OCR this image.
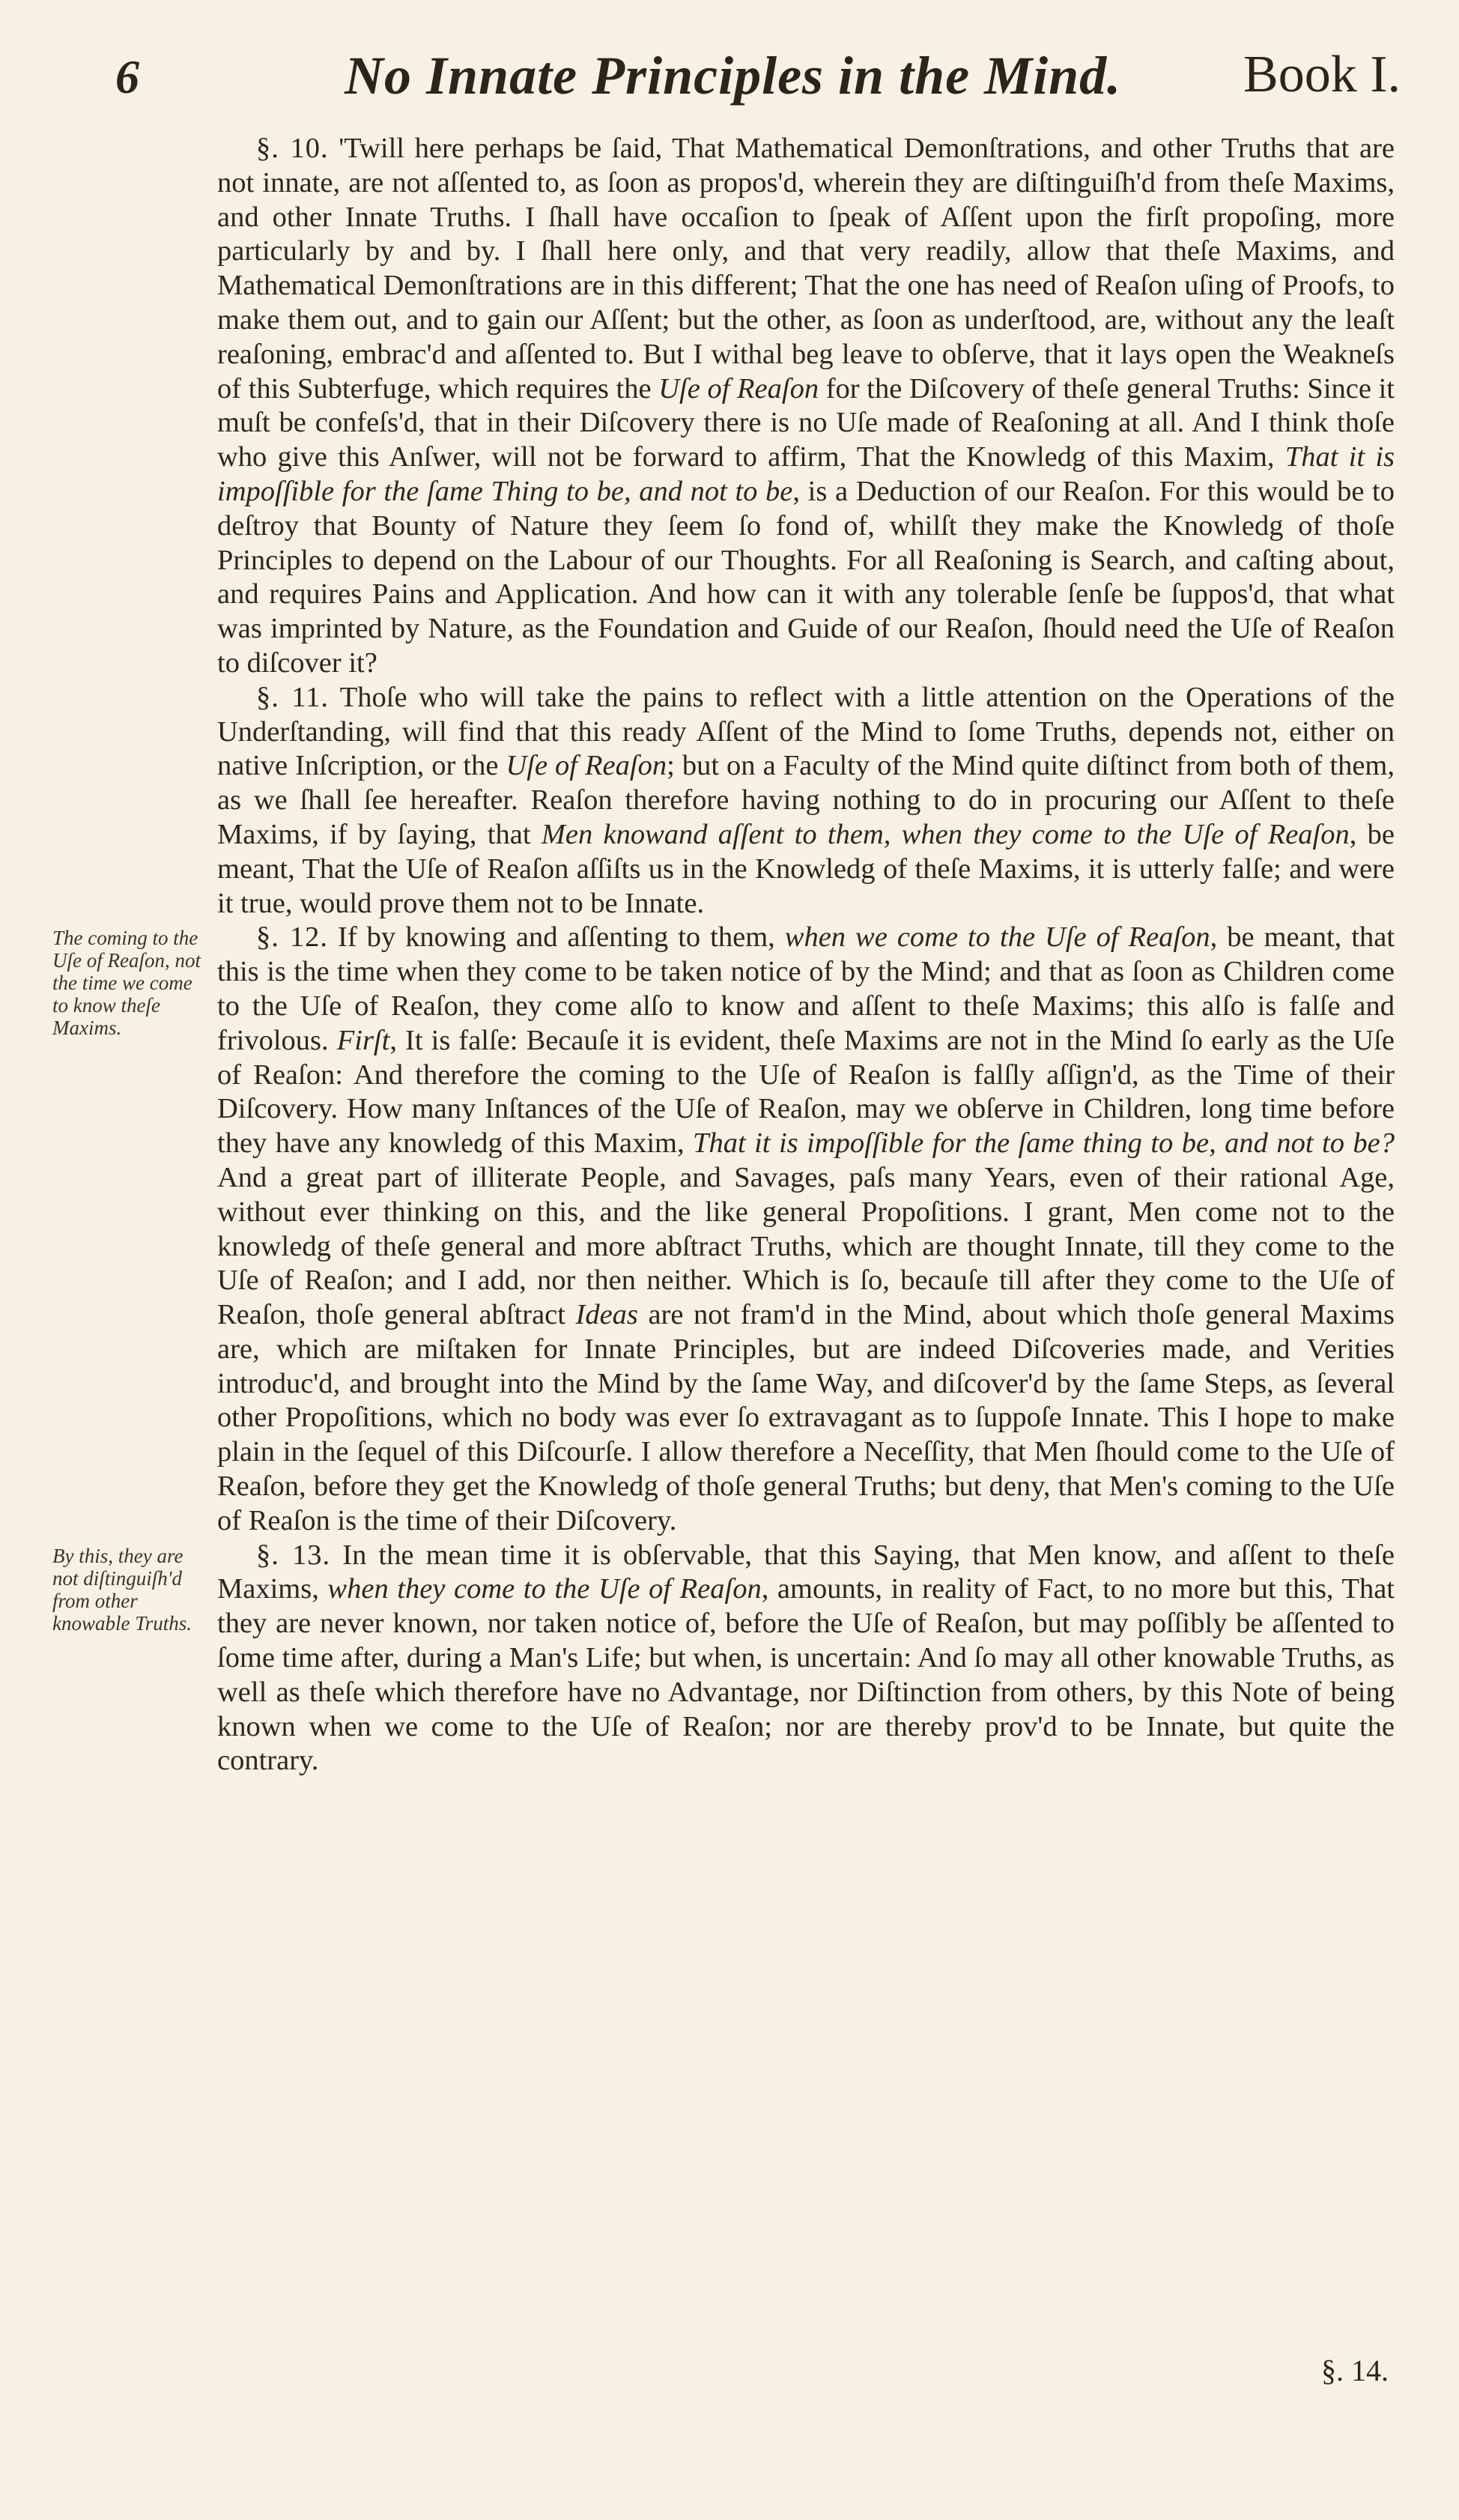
6	No Innate Principles in the Mind. Book I.

§. 10. 'Twill here perhaps be ſaid, That Mathematical Demonſtrations, and other Truths that are not innate, are not aſſented to, as ſoon as propos'd, wherein they are diſtinguiſh'd from theſe Maxims, and other Innate Truths. I ſhall have occaſion to ſpeak of Aſſent upon the firſt propoſing, more particularly by and by. I ſhall here only, and that very readily, allow that theſe Maxims, and Mathematical Demonſtrations are in this different; That the one has need of Reaſon uſing of Proofs, to make them out, and to gain our Aſſent; but the other, as ſoon as underſtood, are, without any the leaſt reaſoning, embrac'd and aſſented to. But I withal beg leave to obſerve, that it lays open the Weakneſs of this Subterfuge, which requires the Uſe of Reaſon for the Diſcovery of theſe general Truths: Since it muſt be confeſs'd, that in their Diſcovery there is no Uſe made of Reaſoning at all. And I think thoſe who give this Anſwer, will not be forward to affirm, That the Knowledg of this Maxim, That it is impoſſible for the ſame Thing to be, and not to be, is a Deduction of our Reaſon. For this would be to deſtroy that Bounty of Nature they ſeem ſo fond of, whilſt they make the Knowledg of thoſe Principles to depend on the Labour of our Thoughts. For all Reaſoning is Search, and caſting about, and requires Pains and Application. And how can it with any tolerable ſenſe be ſuppos'd, that what was imprinted by Nature, as the Foundation and Guide of our Reaſon, ſhould need the Uſe of Reaſon to diſcover it?

§. 11. Thoſe who will take the pains to reflect with a little attention on the Operations of the Underſtanding, will find that this ready Aſſent of the Mind to ſome Truths, depends not, either on native Inſcription, or the Uſe of Reaſon; but on a Faculty of the Mind quite diſtinct from both of them, as we ſhall ſee hereafter. Reaſon therefore having nothing to do in procuring our Aſſent to theſe Maxims, if by ſaying, that Men knowand aſſent to them, when they come to the Uſe of Reaſon, be meant, That the Uſe of Reaſon aſſiſts us in the Knowledg of theſe Maxims, it is utterly falſe; and were it true, would prove them not to be Innate.

§. 12. If by knowing and aſſenting to them, when we come to the Uſe of Reaſon, be meant, that this is the time when they come to be taken notice of by the Mind; and that as ſoon as Children come to the Uſe of Reaſon, they come alſo to know and aſſent to theſe Maxims; this alſo is falſe and frivolous. Firſt, It is falſe: Becauſe it is evident, theſe Maxims are not in the Mind ſo early as the Uſe of Reaſon: And therefore the coming to the Uſe of Reaſon is falſly aſſign'd, as the Time of their Diſcovery. How many Inſtances of the Uſe of Reaſon, may we obſerve in Children, long time before they have any knowledg of this Maxim, That it is impoſſible for the ſame thing to be, and not to be? And a great part of illiterate People, and Savages, paſs many Years, even of their rational Age, without ever thinking on this, and the like general Propoſitions. I grant, Men come not to the knowledg of theſe general and more abſtract Truths, which are thought Innate, till they come to the Uſe of Reaſon; and I add, nor then neither. Which is ſo, becauſe till after they come to the Uſe of Reaſon, thoſe general abſtract Ideas are not fram'd in the Mind, about which thoſe general Maxims are, which are miſtaken for Innate Principles, but are indeed Diſcoveries made, and Verities introduc'd, and brought into the Mind by the ſame Way, and diſcover'd by the ſame Steps, as ſeveral other Propoſitions, which no body was ever ſo extravagant as to ſuppoſe Innate. This I hope to make plain in the ſequel of this Diſcourſe. I allow therefore a Neceſſity, that Men ſhould come to the Uſe of Reaſon, before they get the Knowledg of thoſe general Truths; but deny, that Men's coming to the Uſe of Reaſon is the time of their Diſcovery.

§. 13. In the mean time it is obſervable, that this Saying, that Men know, and aſſent to theſe Maxims, when they come to the Uſe of Reaſon, amounts, in reality of Fact, to no more but this, That they are never known, nor taken notice of, before the Uſe of Reaſon, but may poſſibly be aſſented to ſome time after, during a Man's Life; but when, is uncertain: And ſo may all other knowable Truths, as well as theſe which therefore have no Advantage, nor Diſtinction from others, by this Note of being known when we come to the Uſe of Reaſon; nor are thereby prov'd to be Innate, but quite the contrary.

The coming to the Uſe of Reaſon, not the time we come to know theſe Maxims.
By this, they are not diſtinguiſh'd from other knowable Truths.
§. 14.
